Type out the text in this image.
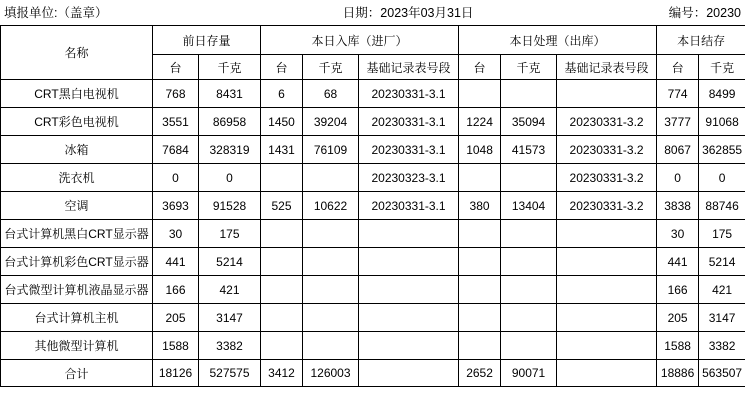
填报单位:（盖章）	日期：2023年03月31日	编号：20230
名称	前日存量		本日入库（进厂）			本日处理（出库）			本日结存	
	台	千克	台	千克	基础记录表号段	台	千克	基础记录表号段	台	千克
CRT黑白电视机	768	8431	6	68	20230331-3.1				774	8499
CRT彩色电视机	3551	86958	1450	39204	20230331-3.1	1224	35094	20230331-3.2	3777	91068
冰箱	7684	328319	1431	76109	20230331-3.1	1048	41573	20230331-3.2	8067	362855
洗衣机	0	0			20230323-3.1			20230331-3.2	0	0
空调	3693	91528	525	10622	20230331-3.1	380	13404	20230331-3.2	3838	88746
台式计算机黑白CRT显示器	30	175							30	175
台式计算机彩色CRT显示器	441	5214							441	5214
台式微型计算机液晶显示器	166	421							166	421
台式计算机主机	205	3147							205	3147
其他微型计算机	1588	3382							1588	3382
合计	18126	527575	3412	126003		2652	90071		18886	563507
